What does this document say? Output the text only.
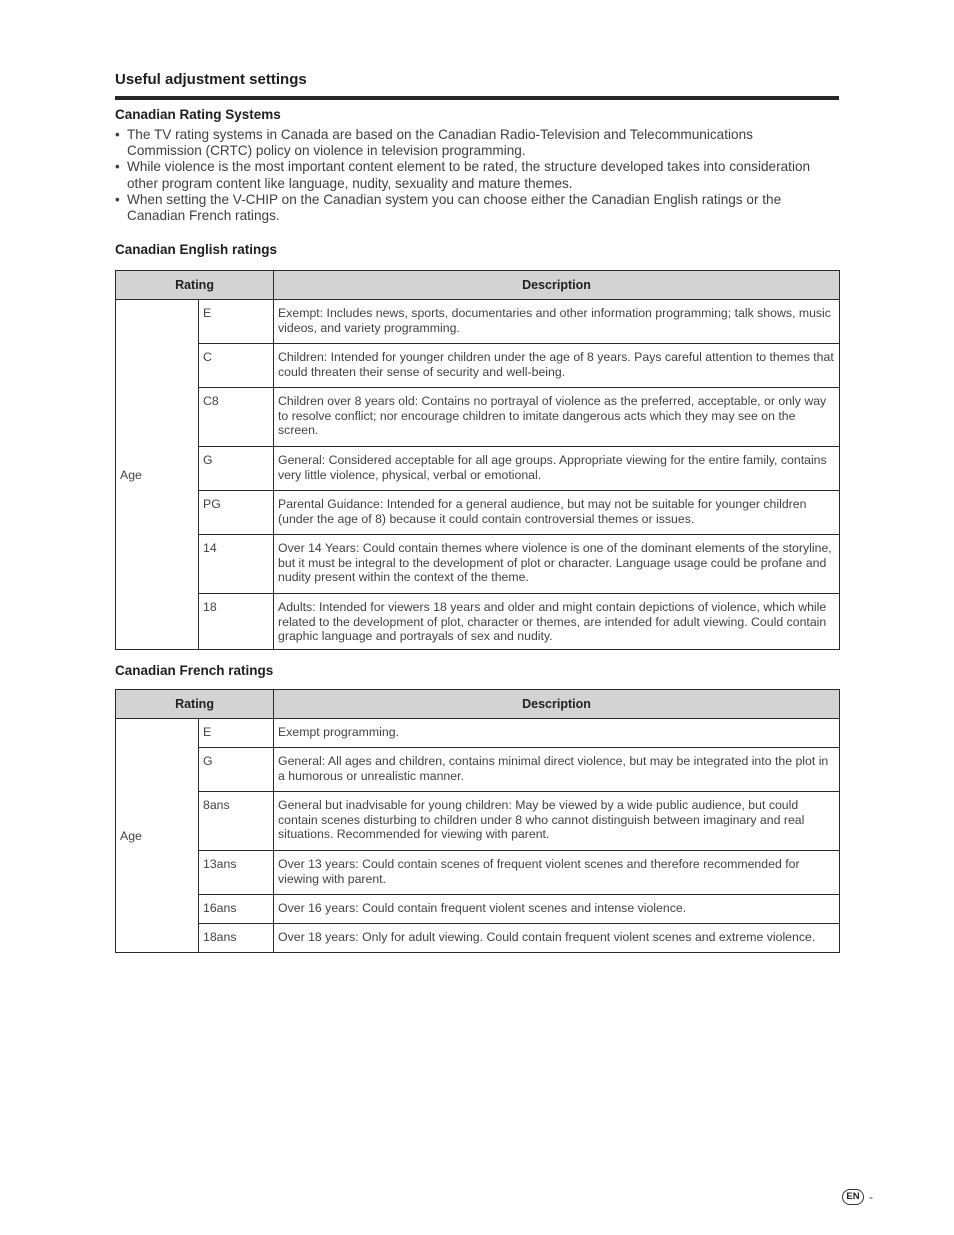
Useful adjustment settings
Canadian Rating Systems
• The TV rating systems in Canada are based on the Canadian Radio-Television and Telecommunications Commission (CRTC) policy on violence in television programming.
• While violence is the most important content element to be rated, the structure developed takes into consideration other program content like language, nudity, sexuality and mature themes.
• When setting the V-CHIP on the Canadian system you can choose either the Canadian English ratings or the Canadian French ratings.
Canadian English ratings
Rating		Description
Age	E	Exempt: Includes news, sports, documentaries and other information programming; talk shows, music videos, and variety programming.
	C	Children: Intended for younger children under the age of 8 years. Pays careful attention to themes that could threaten their sense of security and well-being.
	C8	Children over 8 years old: Contains no portrayal of violence as the preferred, acceptable, or only way to resolve conflict; nor encourage children to imitate dangerous acts which they may see on the screen.
	G	General: Considered acceptable for all age groups. Appropriate viewing for the entire family, contains very little violence, physical, verbal or emotional.
	PG	Parental Guidance: Intended for a general audience, but may not be suitable for younger children (under the age of 8) because it could contain controversial themes or issues.
	14	Over 14 Years: Could contain themes where violence is one of the dominant elements of the storyline, but it must be integral to the development of plot or character. Language usage could be profane and nudity present within the context of the theme.
	18	Adults: Intended for viewers 18 years and older and might contain depictions of violence, which while related to the development of plot, character or themes, are intended for adult viewing. Could contain graphic language and portrayals of sex and nudity.
Canadian French ratings
Rating		Description
Age	E	Exempt programming.
	G	General: All ages and children, contains minimal direct violence, but may be integrated into the plot in a humorous or unrealistic manner.
	8ans	General but inadvisable for young children: May be viewed by a wide public audience, but could contain scenes disturbing to children under 8 who cannot distinguish between imaginary and real situations. Recommended for viewing with parent.
	13ans	Over 13 years: Could contain scenes of frequent violent scenes and therefore recommended for viewing with parent.
	16ans	Over 16 years: Could contain frequent violent scenes and intense violence.
	18ans	Over 18 years: Only for adult viewing. Could contain frequent violent scenes and extreme violence.
EN -
